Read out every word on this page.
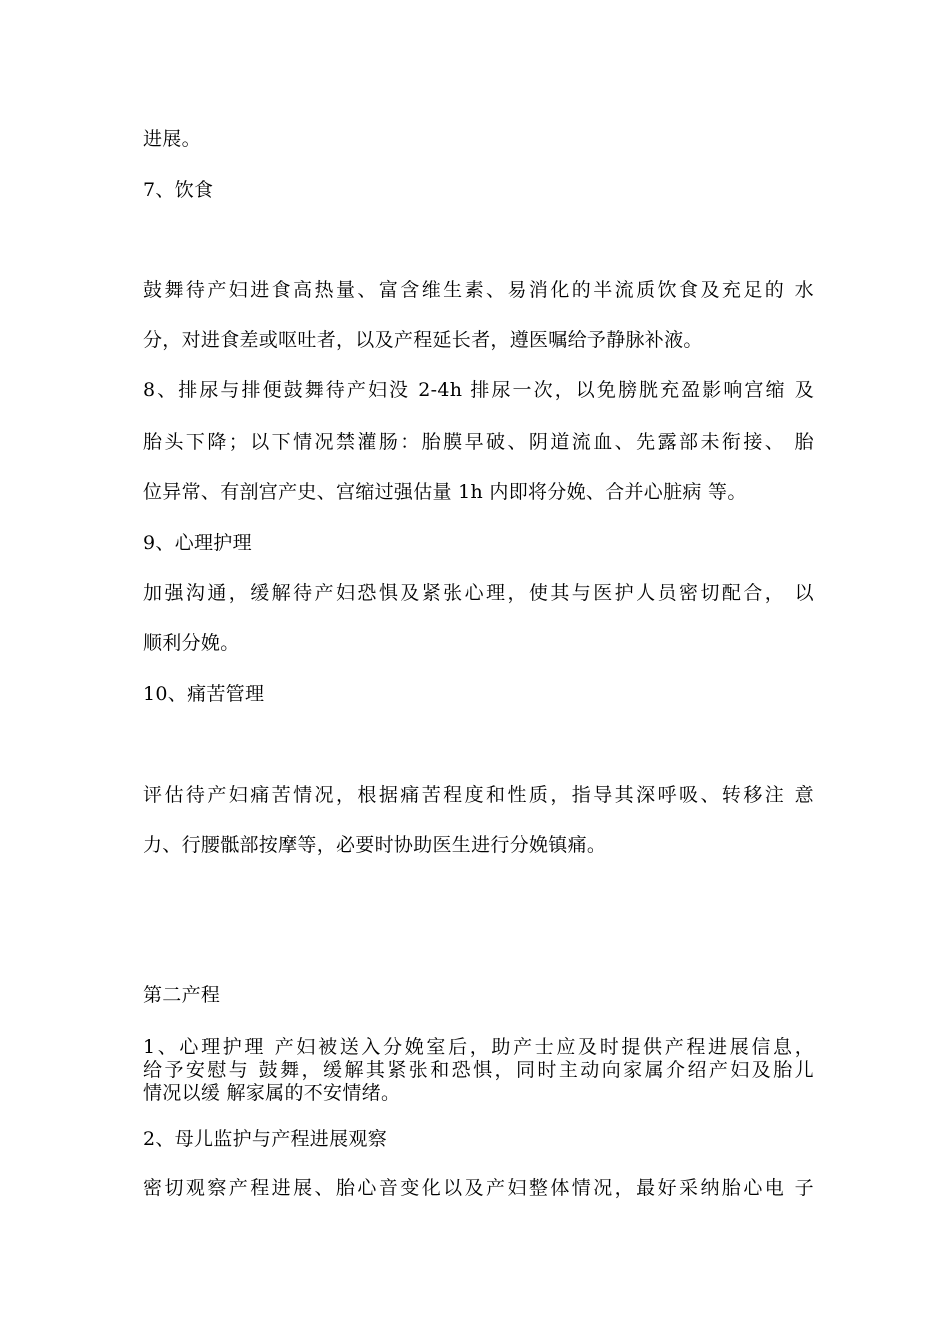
进展。
7、饮食
鼓舞待产妇进食高热量、富含维生素、易消化的半流质饮食及充足的 水
分，对进食差或呕吐者，以及产程延长者，遵医嘱给予静脉补液。
8、排尿与排便鼓舞待产妇没 2-4h 排尿一次，以免膀胱充盈影响宫缩 及
胎头下降；以下情况禁灌肠：胎膜早破、阴道流血、先露部未衔接、 胎
位异常、有剖宫产史、宫缩过强估量 1h 内即将分娩、合并心脏病 等。
9、心理护理
加强沟通，缓解待产妇恐惧及紧张心理，使其与医护人员密切配合， 以
顺利分娩。
10、痛苦管理
评估待产妇痛苦情况，根据痛苦程度和性质，指导其深呼吸、转移注 意
力、行腰骶部按摩等，必要时协助医生进行分娩镇痛。
第二产程
1、心理护理 产妇被送入分娩室后，助产士应及时提供产程进展信息，
给予安慰与 鼓舞，缓解其紧张和恐惧，同时主动向家属介绍产妇及胎儿
情况以缓 解家属的不安情绪。
2、母儿监护与产程进展观察
密切观察产程进展、胎心音变化以及产妇整体情况，最好采纳胎心电 子
